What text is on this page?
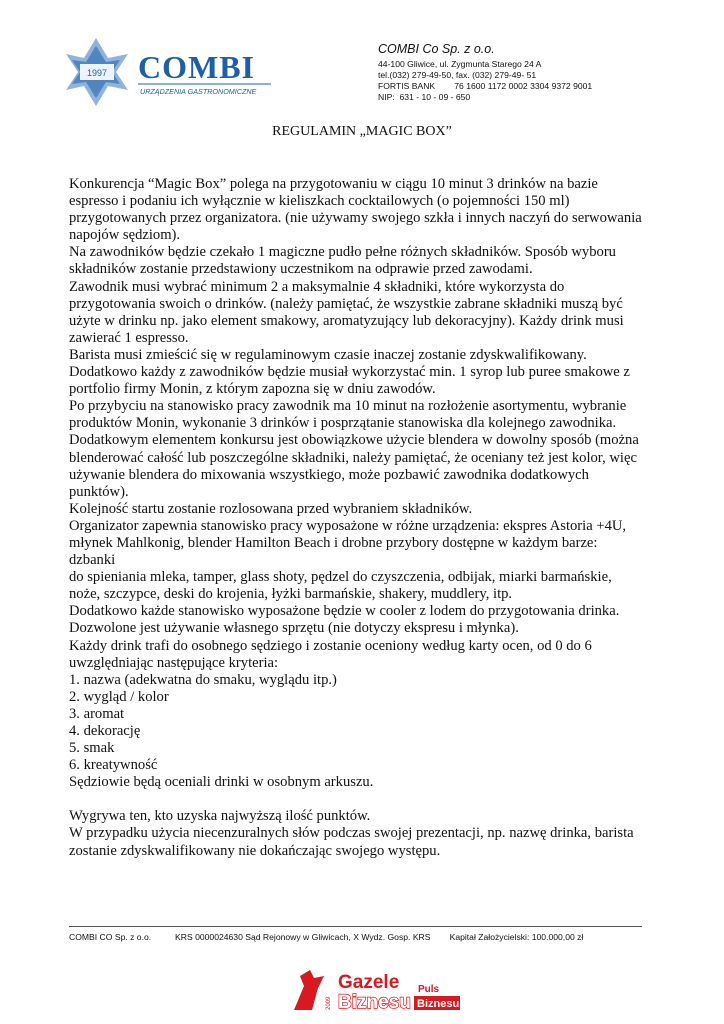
1997 COMBI
URZĄDZENIA GASTRONOMICZNE
COMBI Co Sp. z o.o.
44-100 Gliwice, ul. Zygmunta Starego 24 A
tel.(032) 279-49-50, fax. (032) 279-49- 51
FORTIS BANK        76 1600 1172 0002 3304 9372 9001
NIP:  631 - 10 - 09 - 650
REGULAMIN „MAGIC BOX”

Konkurencja “Magic Box” polega na przygotowaniu w ciągu 10 minut 3 drinków na bazie

espresso i podaniu ich wyłącznie w kieliszkach cocktailowych (o pojemności 150 ml)

przygotowanych przez organizatora. (nie używamy swojego szkła i innych naczyń do serwowania

napojów sędziom).

Na zawodników będzie czekało 1 magiczne pudło pełne różnych składników. Sposób wyboru

składników zostanie przedstawiony uczestnikom na odprawie przed zawodami.

Zawodnik musi wybrać minimum 2 a maksymalnie 4 składniki, które wykorzysta do

przygotowania swoich o drinków. (należy pamiętać, że wszystkie zabrane składniki muszą być

użyte w drinku np. jako element smakowy, aromatyzujący lub dekoracyjny). Każdy drink musi

zawierać 1 espresso.

Barista musi zmieścić się w regulaminowym czasie inaczej zostanie zdyskwalifikowany.

Dodatkowo każdy z zawodników będzie musiał wykorzystać min. 1 syrop lub puree smakowe z

portfolio firmy Monin, z którym zapozna się w dniu zawodów.

Po przybyciu na stanowisko pracy zawodnik ma 10 minut na rozłożenie asortymentu, wybranie

produktów Monin, wykonanie 3 drinków i posprzątanie stanowiska dla kolejnego zawodnika.

Dodatkowym elementem konkursu jest obowiązkowe użycie blendera w dowolny sposób (można

blenderować całość lub poszczególne składniki, należy pamiętać, że oceniany też jest kolor, więc

używanie blendera do mixowania wszystkiego, może pozbawić zawodnika dodatkowych

punktów).

Kolejność startu zostanie rozlosowana przed wybraniem składników.

Organizator zapewnia stanowisko pracy wyposażone w różne urządzenia: ekspres Astoria +4U,

młynek Mahlkonig, blender Hamilton Beach i drobne przybory dostępne w każdym barze: dzbanki

do spieniania mleka, tamper, glass shoty, pędzel do czyszczenia, odbijak, miarki barmańskie,

noże, szczypce, deski do krojenia, łyżki barmańskie, shakery, muddlery, itp.

Dodatkowo każde stanowisko wyposażone będzie w cooler z lodem do przygotowania drinka.

Dozwolone jest używanie własnego sprzętu (nie dotyczy ekspresu i młynka).

Każdy drink trafi do osobnego sędziego i zostanie oceniony według karty ocen, od 0 do 6

uwzględniając następujące kryteria:

1. nazwa (adekwatna do smaku, wyglądu itp.)

2. wygląd / kolor

3. aromat

4. dekorację

5. smak

6. kreatywność

Sędziowie będą oceniali drinki w osobnym arkuszu.

Wygrywa ten, kto uzyska najwyższą ilość punktów.

W przypadku użycia niecenzuralnych słów podczas swojej prezentacji, np. nazwę drinka, barista

zostanie zdyskwalifikowany nie dokańczając swojego występu.

COMBI CO Sp. z o.o.          KRS 0000024630 Sąd Rejonowy w Gliwicach, X Wydz. Gosp. KRS        Kapitał Założycielski: 100.000,00 zł
2009
Gazele
Biznesu
Puls
Biznesu
